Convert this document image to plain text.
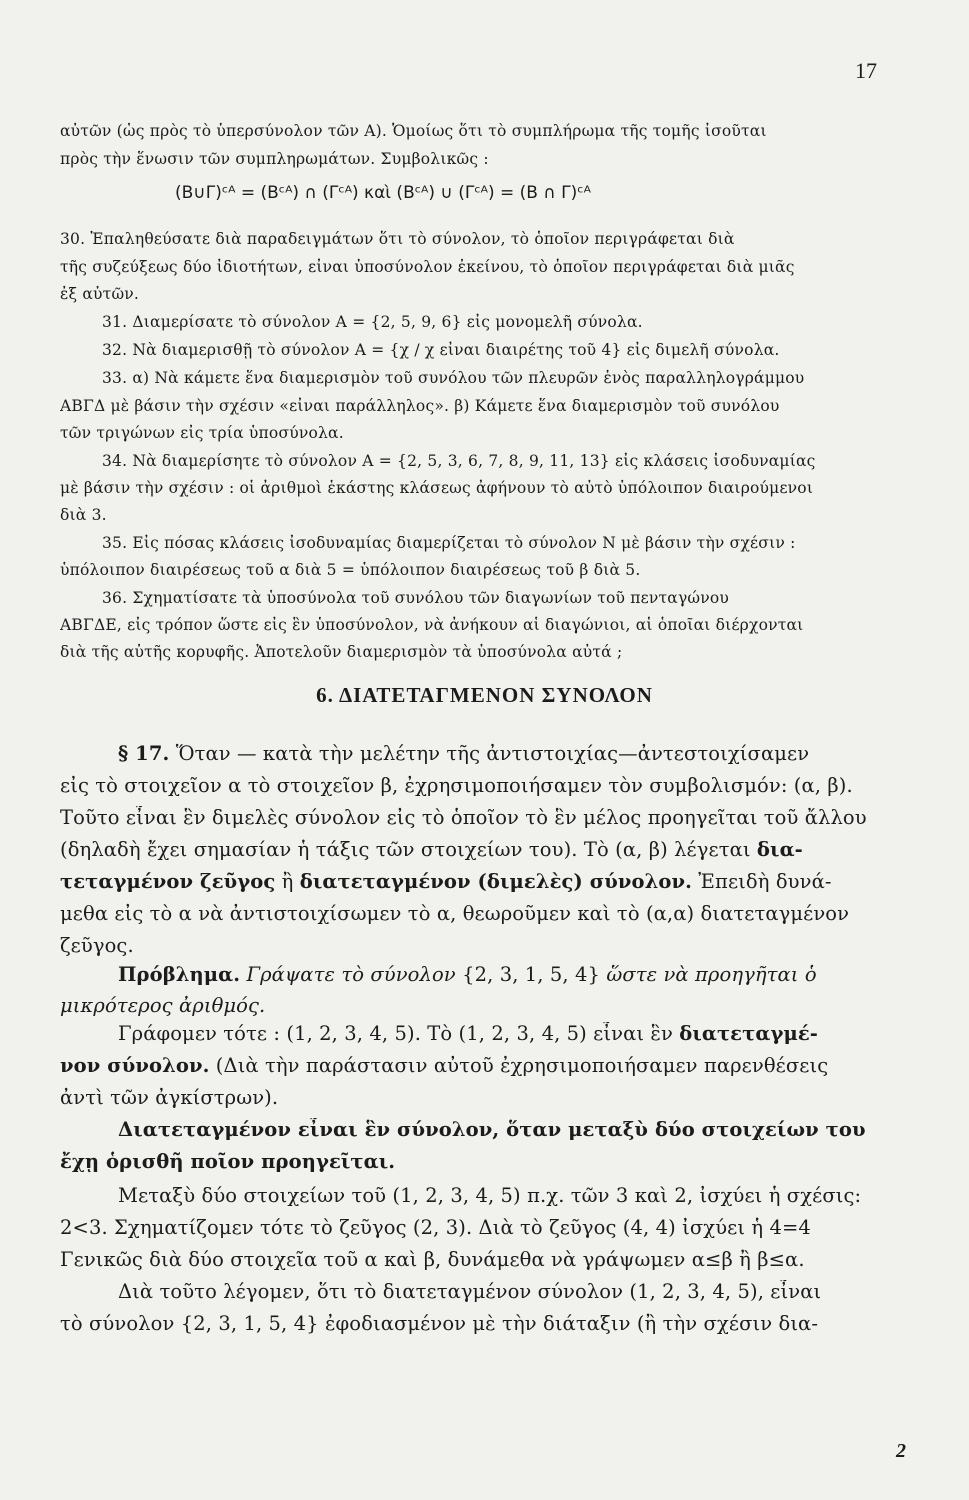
17
αὐτῶν (ὡς πρὸς τὸ ὑπερσύνολον τῶν Α). Ὁμοίως ὅτι τὸ συμπλήρωμα τῆς τομῆς ἰσοῦται
πρὸς τὴν ἕνωσιν τῶν συμπληρωμάτων. Συμβολικῶς :
(Β∪Γ)ᶜᴬ = (Βᶜᴬ) ∩ (Γᶜᴬ) καὶ (Βᶜᴬ) ∪ (Γᶜᴬ) = (Β ∩ Γ)ᶜᴬ
30. Ἐπαληθεύσατε διὰ παραδειγμάτων ὅτι τὸ σύνολον, τὸ ὁποῖον περιγράφεται διὰ
τῆς συζεύξεως δύο ἰδιοτήτων, εἶναι ὑποσύνολον ἐκείνου, τὸ ὁποῖον περιγράφεται διὰ μιᾶς
ἐξ αὐτῶν.
31. Διαμερίσατε τὸ σύνολον Α = {2, 5, 9, 6} εἰς μονομελῆ σύνολα.
32. Νὰ διαμερισθῇ τὸ σύνολον Α = {χ / χ εἶναι διαιρέτης τοῦ 4} εἰς διμελῆ σύνολα.
33. α) Νὰ κάμετε ἕνα διαμερισμὸν τοῦ συνόλου τῶν πλευρῶν ἑνὸς παραλληλογράμμου
ΑΒΓΔ μὲ βάσιν τὴν σχέσιν «εἶναι παράλληλος». β) Κάμετε ἕνα διαμερισμὸν τοῦ συνόλου
τῶν τριγώνων εἰς τρία ὑποσύνολα.
34. Νὰ διαμερίσητε τὸ σύνολον Α = {2, 5, 3, 6, 7, 8, 9, 11, 13} εἰς κλάσεις ἰσοδυναμίας
μὲ βάσιν τὴν σχέσιν : οἱ ἀριθμοὶ ἑκάστης κλάσεως ἀφήνουν τὸ αὐτὸ ὑπόλοιπον διαιρούμενοι
διὰ 3.
35. Εἰς πόσας κλάσεις ἰσοδυναμίας διαμερίζεται τὸ σύνολον Ν μὲ βάσιν τὴν σχέσιν :
ὑπόλοιπον διαιρέσεως τοῦ α διὰ 5 = ὑπόλοιπον διαιρέσεως τοῦ β διὰ 5.
36. Σχηματίσατε τὰ ὑποσύνολα τοῦ συνόλου τῶν διαγωνίων τοῦ πενταγώνου
ΑΒΓΔΕ, εἰς τρόπον ὥστε εἰς ἓν ὑποσύνολον, νὰ ἀνήκουν αἱ διαγώνιοι, αἱ ὁποῖαι διέρχονται
διὰ τῆς αὐτῆς κορυφῆς. Ἀποτελοῦν διαμερισμὸν τὰ ὑποσύνολα αὐτά ;
6. ΔΙΑΤΕΤΑΓΜΕΝΟΝ ΣΥΝΟΛΟΝ
§ 17. Ὅταν — κατὰ τὴν μελέτην τῆς ἀντιστοιχίας—ἀντεστοιχίσαμεν
εἰς τὸ στοιχεῖον α τὸ στοιχεῖον β, ἐχρησιμοποιήσαμεν τὸν συμβολισμόν: (α, β).
Τοῦτο εἶναι ἓν διμελὲς σύνολον εἰς τὸ ὁποῖον τὸ ἓν μέλος προηγεῖται τοῦ ἄλλου
(δηλαδὴ ἔχει σημασίαν ἡ τάξις τῶν στοιχείων του). Τὸ (α, β) λέγεται δια-
τεταγμένον ζεῦγος ἢ διατεταγμένον (διμελὲς) σύνολον. Ἐπειδὴ δυνά-
μεθα εἰς τὸ α νὰ ἀντιστοιχίσωμεν τὸ α, θεωροῦμεν καὶ τὸ (α,α) διατεταγμένον
ζεῦγος.
Πρόβλημα. Γράψατε τὸ σύνολον {2, 3, 1, 5, 4} ὥστε νὰ προηγῆται ὁ
μικρότερος ἀριθμός.
Γράφομεν τότε : (1, 2, 3, 4, 5). Τὸ (1, 2, 3, 4, 5) εἶναι ἓν διατεταγμέ-
νον σύνολον. (Διὰ τὴν παράστασιν αὐτοῦ ἐχρησιμοποιήσαμεν παρενθέσεις
ἀντὶ τῶν ἀγκίστρων).
Διατεταγμένον εἶναι ἓν σύνολον, ὅταν μεταξὺ δύο στοιχείων του
ἔχῃ ὁρισθῆ ποῖον προηγεῖται.
Μεταξὺ δύο στοιχείων τοῦ (1, 2, 3, 4, 5) π.χ. τῶν 3 καὶ 2, ἰσχύει ἡ σχέσις:
2<3. Σχηματίζομεν τότε τὸ ζεῦγος (2, 3). Διὰ τὸ ζεῦγος (4, 4) ἰσχύει ἡ 4=4
Γενικῶς διὰ δύο στοιχεῖα τοῦ α καὶ β, δυνάμεθα νὰ γράψωμεν α≤β ἢ β≤α.
Διὰ τοῦτο λέγομεν, ὅτι τὸ διατεταγμένον σύνολον (1, 2, 3, 4, 5), εἶναι
τὸ σύνολον {2, 3, 1, 5, 4} ἐφοδιασμένον μὲ τὴν διάταξιν (ἢ τὴν σχέσιν δια-
2
